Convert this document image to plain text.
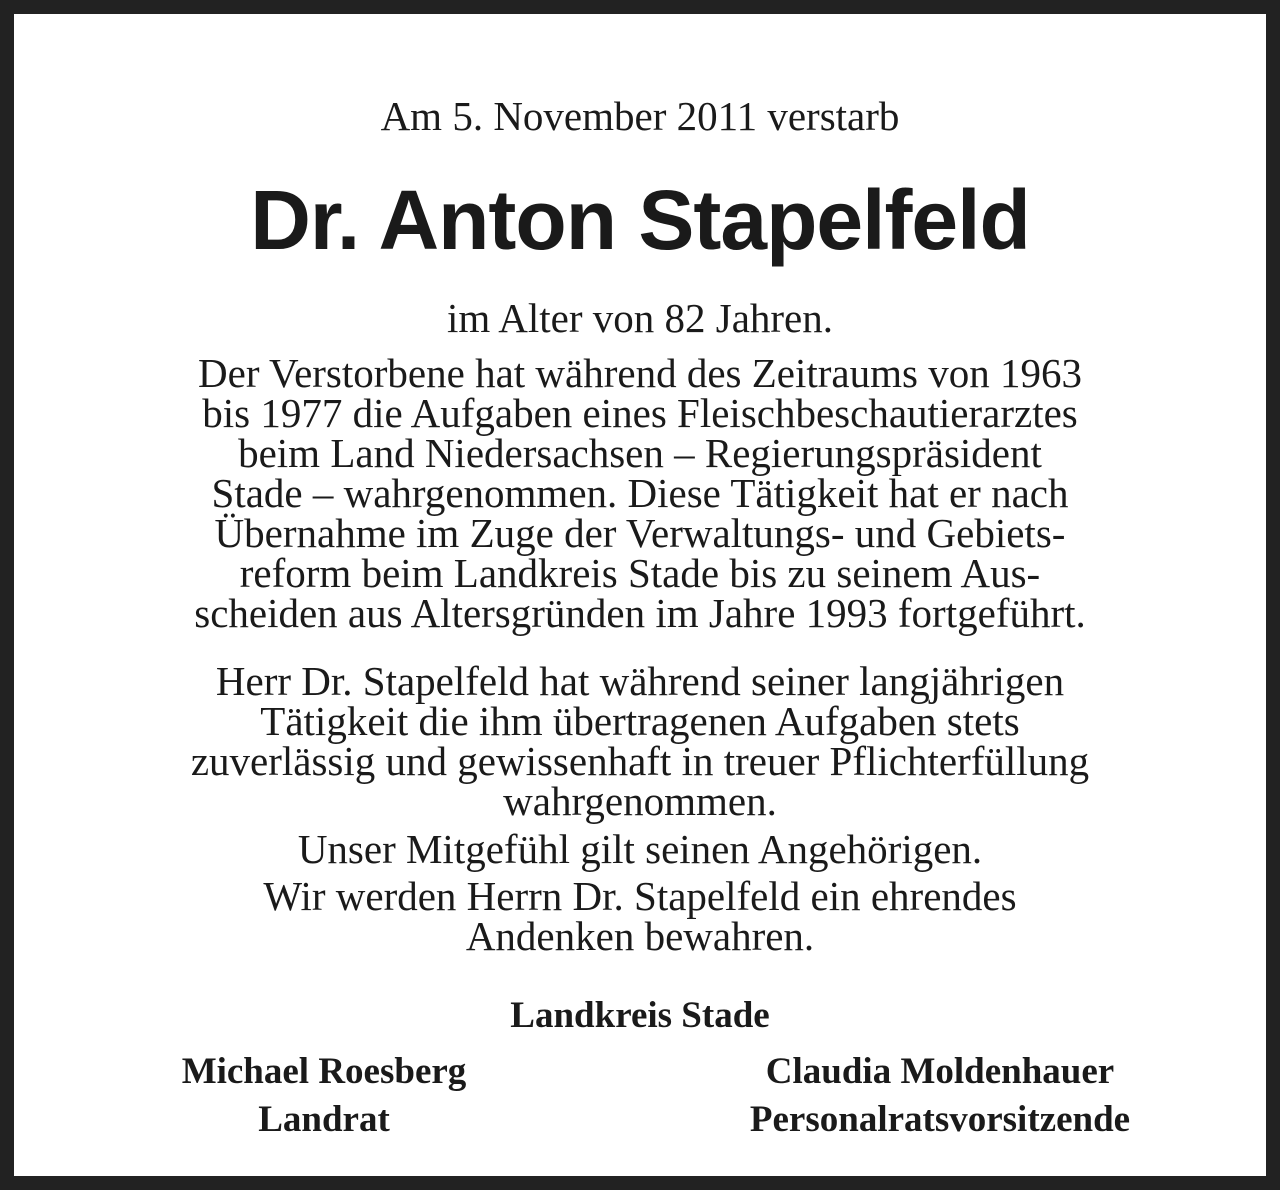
Am 5. November 2011 verstarb
Dr. Anton Stapelfeld
im Alter von 82 Jahren.
Der Verstorbene hat während des Zeitraums von 1963
bis 1977 die Aufgaben eines Fleischbeschautierarztes
beim Land Niedersachsen – Regierungspräsident
Stade – wahrgenommen. Diese Tätigkeit hat er nach
Übernahme im Zuge der Verwaltungs- und Gebiets-
reform beim Landkreis Stade bis zu seinem Aus-
scheiden aus Altersgründen im Jahre 1993 fortgeführt.
Herr Dr. Stapelfeld hat während seiner langjährigen
Tätigkeit die ihm übertragenen Aufgaben stets
zuverlässig und gewissenhaft in treuer Pflichterfüllung
wahrgenommen.
Unser Mitgefühl gilt seinen Angehörigen.
Wir werden Herrn Dr. Stapelfeld ein ehrendes
Andenken bewahren.
Landkreis Stade
Michael Roesberg
Landrat
Claudia Moldenhauer
Personalratsvorsitzende
